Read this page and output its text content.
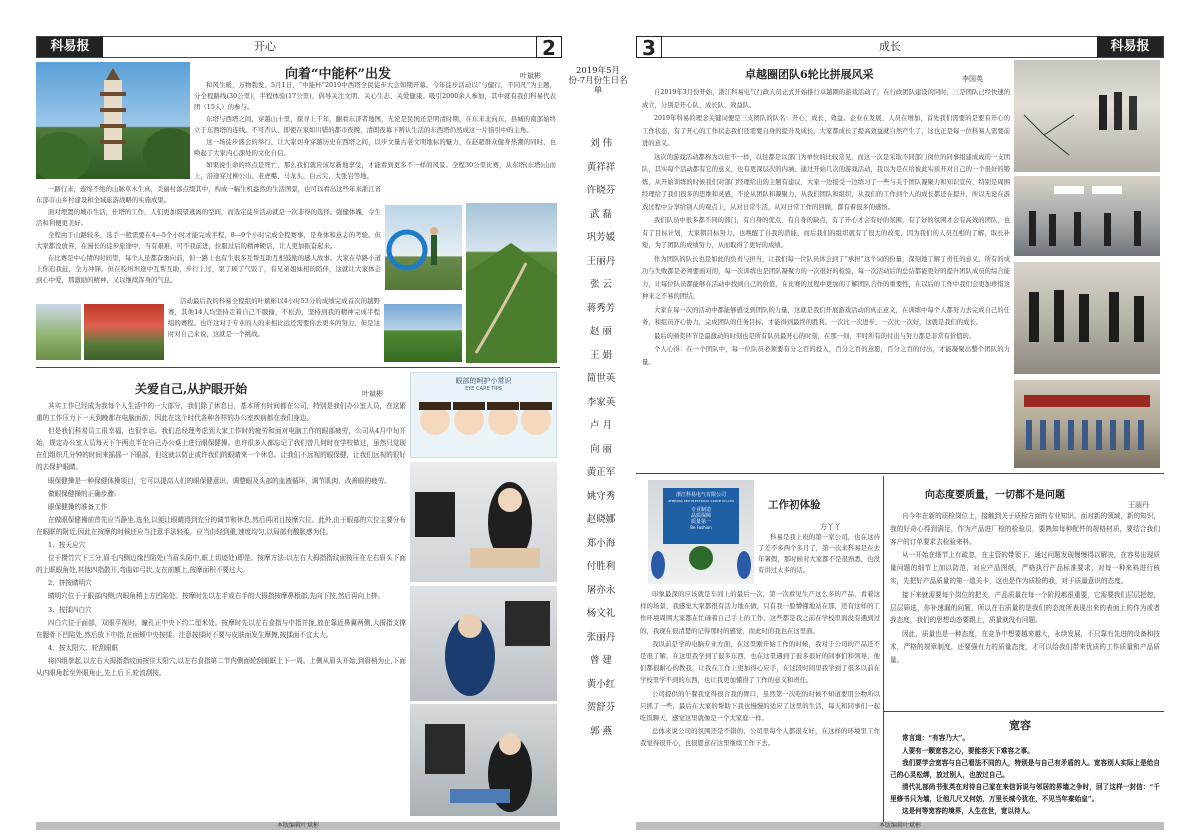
科易报	开心	2
向着“中能杯”出发	叶斌彬

和风生暖，万物勃发。5月1日，“中能杯”2019中西塔全民徒步大会如期开幕。今年徒步活动以“与健行，不同凡”为主题，分全程路线(30公里)，半程体验(17公里)，倡导关注文明、关心生态、关爱健康。吸引2000余人参加，其中就有我们科易代表团（15人）的参与。

东塔与西塔之间，穿越山十里，探寻上千年，翻看东济者地图，无论是民国还是明清时期，在东来北向东，县城的南部始终立于东西塔的连线。不可否认，即使在家如川错的都市夜晚，清朗夜幕下辨认生活的东西塔仍然成这一片指引中的主角。

这一场徒步盛会的举行，让大家切身穿越历史在西塔之间，以步文量古老文明地标的魅力，在赵超群众健身热潮的同时，也唤起了大家内心深处的文化自信。

如果说生命的终点是死亡，那么我们就应该尽新地享受，才能看到更多不一样的风景。全程30公里比赛，从东塔(东塔)山而上，沿途穿过柳公山、老虎嘴、马龙头、白云尖、大张岩等地。

一路行来，连绵不绝的山脉草木生真，美丽村落点缀其中，构成一幅生机盎然的生活图景，也可以看出这些年来浙江省东部市山乡村建设和全域旅游战略的实施成果。

面对埋置的城市生活，仕塔的工作，人们更加渴望逃离的空间，而选定徒步活动就是一次非得的选择。强健体魄，令生活和利便更美好。

全程由于山路较多，选手一般需要在4—5个小时才能完成半程，8—9个小时完成全程赛事，是身体和意志的考验。但大家都没放弃，在漫长的徒步旅途中，当有艰难，可不我前进，拉服过后的精神硬话，让人更加振奋起来。

在比赛是中心情的时间里，每个人虽都奋勇向前，但一路上也有生很多互帮互助互相鼓励的感人故事。大家在草路小道上你追我赶，全力冲锋。但在咬坦坦途中互帮互助，步行上过，果了顾了气饭了，有兄弟姐妹相的陪伴，这就让大家体会到心中爱，那激励的精神，又以继续浑身的气息。

活动最后我的科易全程组的叶斌彬以4小时53分的成绩完成首次的越野赛，其他14人均坚持走着自己不服输，不松劲，坚持到我的精神完成半程组的赛程。也许这对于专业的人的来相比远还需要你去更多的努力，但是这时对自己来说，这就是一个挑战。

关爱自己,从护眼开始	叶斌彬

其实工作已经成为我每个人生活中的一大部分，我们除了休息日，基本所有时间都在公司，特别是我们办公室人员，在这繁重的工作压力下一天到晚都在电脑面前，因此在这个时代各种各样的办公室疾病都在我们身边。

但是我们科易员工很幸福，也很幸运。我们总经理考虑到大家工作时的疲劳和面对电脑工作的眼部疲劳，公司从4月中旬开始，规定办公室人员每天下午两点半在自己办公桌上进行眼保健操。也许很多人都忘记了我们曾几何时在学校做过，虽然只觉现在们组织几分钟的时间来摇摇一下眼部，但这就以防止或许我们的眼睛来一个休息。让我们不远视的眼保健，让我们远视的很好的去保护眼睛。

眼保健操是一种保健体操项目，它可以提高人们的眼保健意识，调整眼及头部的血液循环，调节肌肉，改善眼的疲劳。

做眼保健操的正确步骤:

眼保健操的准备工作

在做眼保健操前首先应当静坐,选坐,以便让眼睛得到充分的调节和休息,然后再闭目按摩穴位。此外,由于眼部的穴位主要分布在眼眶的附近,因此在按摩的时候还应当注意手法轻柔，应当由轻到重,速度均匀,以局部有酸胀感为佳。

1、按天应穴

位于攒竹穴下三分,眉毛内侧边缘凹陷处(当眉头陷中,眶上切迹处)即是。按摩方法:以左右大拇指指纹面按压在左右眉头下面的上眶眼角处,其他四指散开,弯曲如弓状,支在前额上,按摩面积不要过大。

2、挤按睛明穴

睛明穴位于于眼部内侧,内眼角稍上方凹陷处。按摩时先以左手或右手的大拇指按摩鼻根部,先向下按,然后再向上挤。

3、按揉四白穴

四白穴位于面部，双眼平视时，瞳孔正中央下约二厘米处。按摩时先以左右食指与中指并拢,放在靠近鼻翼两侧,大拇指支撑在腮骨下凹陷处,然后放下中指,在面颊中央按揉。注意按揉时不要与皮肤面发生摩擦,按揉面不宜太大。

4、按太阳穴、轮刮眼眶

将四组拳起,以左右大拇指指纹面按住太阳穴,以左右食指第二节内侧面轮刮眼眶上下一周。上侧从眉头开始,到眉梢为止,下面从内眼角起至外眼角止,先上后下,轮流刮按。

眼部的呵护小常识
EYE CARE TIPS
本版编辑叶斌彬
2019年5月份-7月份生日名单
刘 伟
黄祥祥
许晓芬
武 磊
巩芳媛
王丽丹
张 云
蒋秀芳
赵 丽
王 娟
简世英
李家英
卢 月
向 丽
黄正军
姚守秀
赵晓娜
郑小海
付胜利
屠亦永
杨文礼
张丽丹
曾 建
黄小红
贺舒芬
郭 燕
3	成长	科易报
卓越圈团队6轮比拼展风采	李国英

自2019年3月份开始，浙江科易电气行政人员正式开始推行卓越圈的游戏活动了，在行政团队建设的同时，三是团队已经快速的成立，分别是开心队、成长队、效益队。

2019年科易的理念关键词便是三支团队的队名：开心、成长、效益。企业在发展，人员在增加，首先我们需要的是要有开心的工作状态，有了开心的工作状态我们还需要自身的提升及成长，大家都成长了提高效益就自然产生了，这也正是每一位科易人需要前进的意义。

这次的游戏活动都称为以往不一样，以往都是以部门为单位的比较常见，而这一次是采取不同部门岗位的同事组建成成的一支团队，其实每个活动都有它的意义，也有更深层次的内涵，通过开始几次的游戏活动，我以为是在给彼此实质开对自己的一个很好的锻炼，从开始训练的时候我们对部门经理给出的主题有建议，大家一边接受一边练习了一些与关于团队凝聚力和知识宣传，特别是周围经理给了我们很多的思维和灵感，不论从团队和凝聚力，从我们团队和组织，从我们的工作到个人的成长都还在提升，所以无论在游戏过程中分享给别人的观点上，从对日常生活，从对日常工作的回顾，都有着很多的感悟。

我们队员中很多都不同的部门，有自身的优点，有自身的缺点，有了开心才会有好的氛围，有了好的氛围才会有高效的团队，也有了目标计划，大家朝目标努力，也唤醒了自我的潜能，而后我们的组织就有了很大的改变，因为我们的人员互相的了解，取长补短，为了团队的成绩努力，从而取得了更好的成绩。

作为团队的队长也是如此的负责与担当，让我们每一位队员体会到了“承担”这个词的份量，深刻地了解了责任的意义，所有的成功与失败都是必须要面对的，每一次训练也是团队凝聚力的一次很好的检验，每一次活动后的总结都能更好的提升团队成员的综合能力，让每位队员都能够在活动中找到自己的价值，在比赛的过程中更加的了解团队合作的重要性，在以后的工作中我们会更加珍惜这种来之不易的团结。

大家在每一次的活动中都能够感受到团队的力量，这就是我们开展游戏活动的真正意义，在训练中每个人都努力去完成自己的任务，和组员齐心协力，完成团队的任务目标，才能得到最终的胜利。一次比一次进步，一次比一次好，这就是我们的成长。

最后的颁奖环节是最激动的时刻也是所有队员最开心的时刻，在那一刻，平时所有的付出与努力都是非常有价值的。

个人心得：在一个团队中，每一位队员必须要有分之百的投入，百分之百的意愿，百分之百的付出，才能凝聚出整个团队的力量。

浙江科易电气有限公司
ZHEJIANG KEYI ELECTRICAL GROUP CO.,LTD
专业制造
品质保障
质量第一
Be Fashion
工作初体验
方丫丫

科易是我上班的第一家公司，也在这待了差不多两个多月了，第一次来科易是在去年暑假，那时候对大家都不是很熟悉，也没有讲过太多的话。

印象最深的应该就是车间上的最后一次，第一次看见生产这么多的产品，看着这样的场景，我感觉大家都很有活力地在做，只有我一脸懵懂地站在那，还有这样的工作环境周围大家都在忙碌着自己手上的工作，这些都是我之前在学校里面没有遇到过的，我现在很清楚的记得那时的感觉，而此时的我也在这里面。

我以前是学的电脑专业方面，在这里刚开始工作的时候，我对于公司的产品还不是很了解，在这里我学到了很多东西，也在这里遇到了很多很好的同事们和领导，他们都很耐心的教我，让我在工作上更加得心应手，在这段时间里我学到了很多以前在学校里学不到的东西，也让我更加懂得了工作的意义和责任。

公司提供的午餐我觉得很合我的胃口，虽然第一次吃的时候不知道要用公物所以只抓了一些，最后在大家的帮助下我也慢慢的适应了这里的生活，每天和同事们一起吃饭聊天，感觉这里就像是一个大家庭一样。

总体来说公司的氛围还是不错的，公司里每个人都很友好，在这样的环境里工作我觉得很开心，也很愿意在这里继续工作下去。

向态度要质量，一切都不是问题
王丽丹

自今年在新的质检岗位上，接触到关于质检方面的专业知识，面对新的领域，新的知识，我的好奇心得到满足，作为产品进厂检的检验员，要熟知每种配件的规格材质，要结合我们客户的订单要求去检验来料。

从一开始在细节上有疏忽，在主管的带领下，通过问题发现慢慢得以解决，在容易出现质量问题的细节上加以防范，对应产品图纸，严格执行产品标准要求，对每一种来料进行核实，先把好产品质量的第一道关卡，这也是作为质检的我，对于质量意识的态度。

接下来就需要每个岗位的把关，产品质量在每一个阶段都很重要，它需要我们层层把控，层层筛选，你补速漏的问题，所以在右质量的是我们的态度所表现出来的表面上的作为或者我态度，我们的思想动态要跟上，质量就没有问题。

因此，质量也是一种态度，在竞争中想要越来越大，永续发展，不只靠有先进的设备和技术，严格的规章制度，还要强有力的质量态度，才可以给我们带来优质的工作质量和产品质量。

宽容

常言道：“有容乃大”。

人要有一颗宽容之心，要能容天下难容之事。

我们要学会宽容与自己看法不同的人，特别是与自己有矛盾的人。宽容别人实际上是给自己的心灵松绑，放过别人，也放过自己。

清代礼部尚书张英在对待自己家在来信诉说与邻居的界墙之争时，回了这样一封信：“千里修书只为墙，让他几尺又何妨，万里长城今犹在，不见当年秦始皇”。

这是何等宽容的境界，人生在世，宽以待人。

本版编辑叶斌彬
